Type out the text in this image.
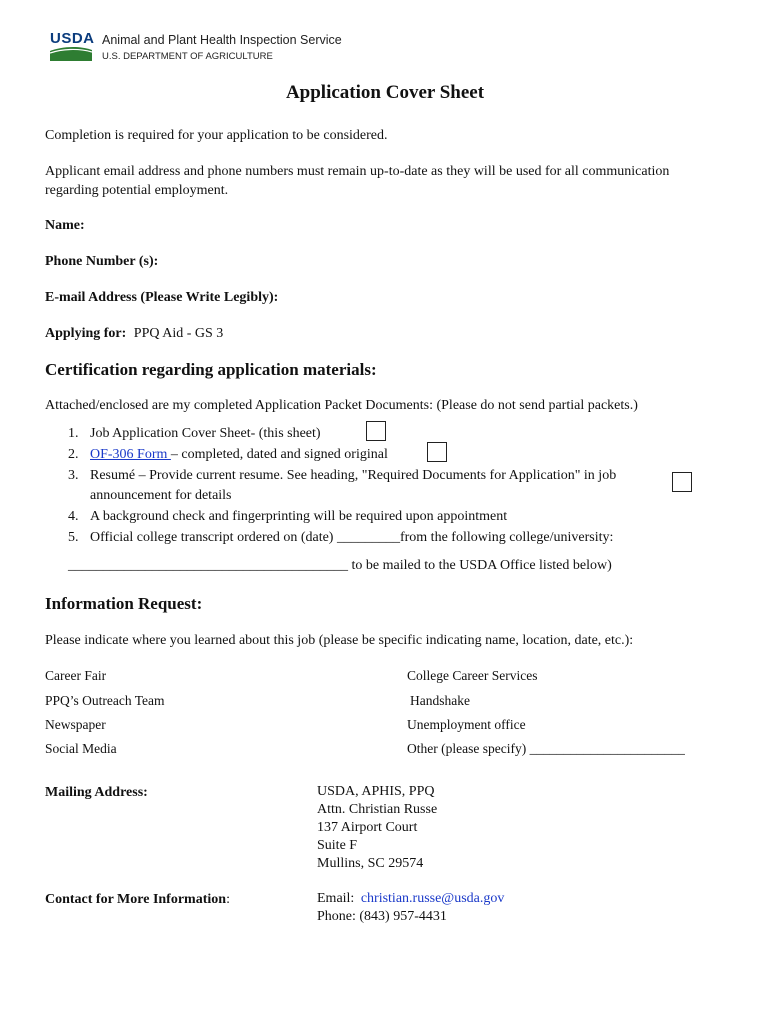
USDA Animal and Plant Health Inspection Service
U.S. DEPARTMENT OF AGRICULTURE
Application Cover Sheet
Completion is required for your application to be considered.
Applicant email address and phone numbers must remain up-to-date as they will be used for all communication
regarding potential employment.
Name:
Phone Number (s):
E-mail Address (Please Write Legibly):
Applying for: PPQ Aid - GS 3
Certification regarding application materials:
Attached/enclosed are my completed Application Packet Documents: (Please do not send partial packets.)
1. Job Application Cover Sheet- (this sheet)
2. OF-306 Form – completed, dated and signed original
3. Resumé – Provide current resume. See heading, "Required Documents for Application" in job
announcement for details
4. A background check and fingerprinting will be required upon appointment
5. Official college transcript ordered on (date) _________from the following college/university:
________________________________________ to be mailed to the USDA Office listed below)
Information Request:
Please indicate where you learned about this job (please be specific indicating name, location, date, etc.):
Career Fair
PPQ’s Outreach Team
Newspaper
Social Media
College Career Services
Handshake
Unemployment office
Other (please specify) _______________________
Mailing Address:	USDA, APHIS, PPQ
Attn. Christian Russe
137 Airport Court
Suite F
Mullins, SC 29574
Contact for More Information:	Email: christian.russe@usda.gov
Phone: (843) 957-4431
